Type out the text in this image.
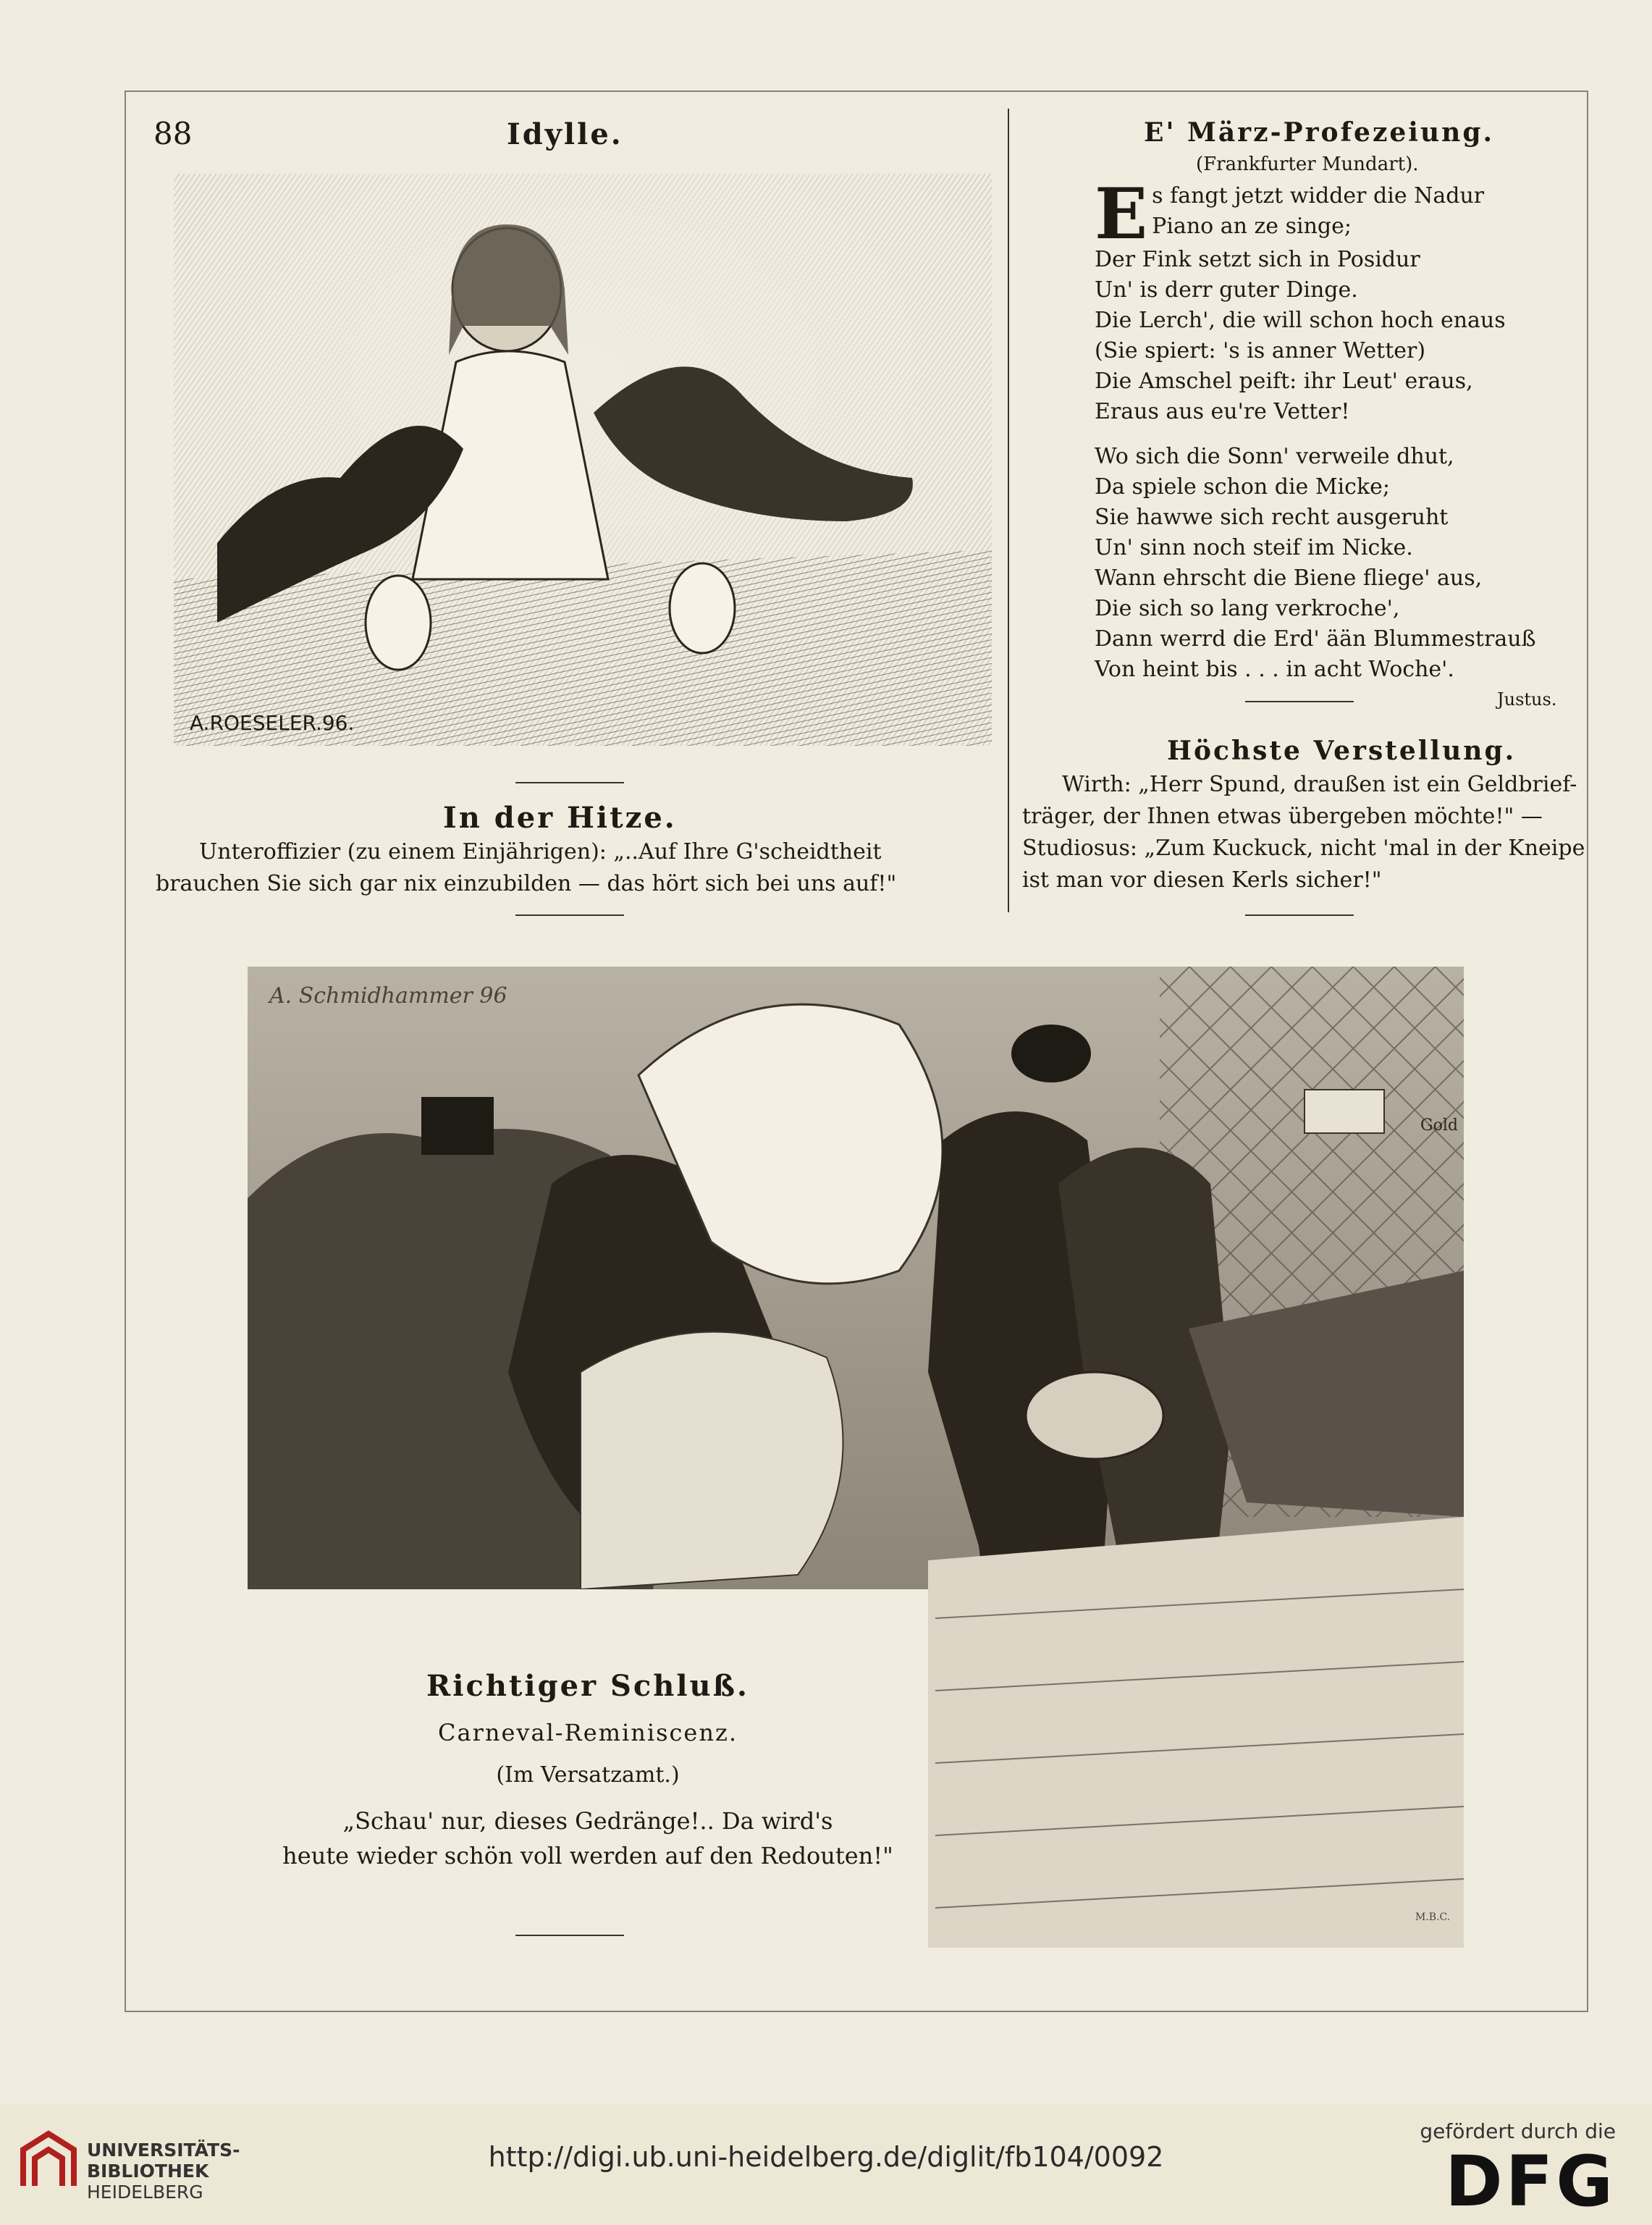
88	Idylle.
A.ROESELER.96.
In der Hitze.
Unteroffizier (zu einem Einjährigen): „..Auf Ihre G'scheidtheit
brauchen Sie sich gar nix einzubilden — das hört sich bei uns auf!"
E' März-Profezeiung.
(Frankfurter Mundart).
E s fangt jetzt widder die Nadur
Piano an ze singe;
Der Fink setzt sich in Posidur
Un' is derr guter Dinge.
Die Lerch', die will schon hoch enaus
(Sie spiert: 's is anner Wetter)
Die Amschel peift: ihr Leut' eraus,
Eraus aus eu're Vetter!
Wo sich die Sonn' verweile dhut,
Da spiele schon die Micke;
Sie hawwe sich recht ausgeruht
Un' sinn noch steif im Nicke.
Wann ehrscht die Biene fliege' aus,
Die sich so lang verkroche',
Dann werrd die Erd' ään Blummestrauß
Von heint bis . . . in acht Woche'.
Justus.
Höchste Verstellung.
Wirth: „Herr Spund, draußen ist ein Geldbrief-
träger, der Ihnen etwas übergeben möchte!" —
Studiosus: „Zum Kuckuck, nicht 'mal in der Kneipe
ist man vor diesen Kerls sicher!"
A. Schmidhammer 96
Gold
M.B.C.
Richtiger Schluß.
Carneval-Reminiscenz.
(Im Versatzamt.)
„Schau' nur, dieses Gedränge!.. Da wird's
heute wieder schön voll werden auf den Redouten!"
UNIVERSITÄTS-
BIBLIOTHEK
HEIDELBERG
http://digi.ub.uni-heidelberg.de/diglit/fb104/0092
gefördert durch die
DFG
